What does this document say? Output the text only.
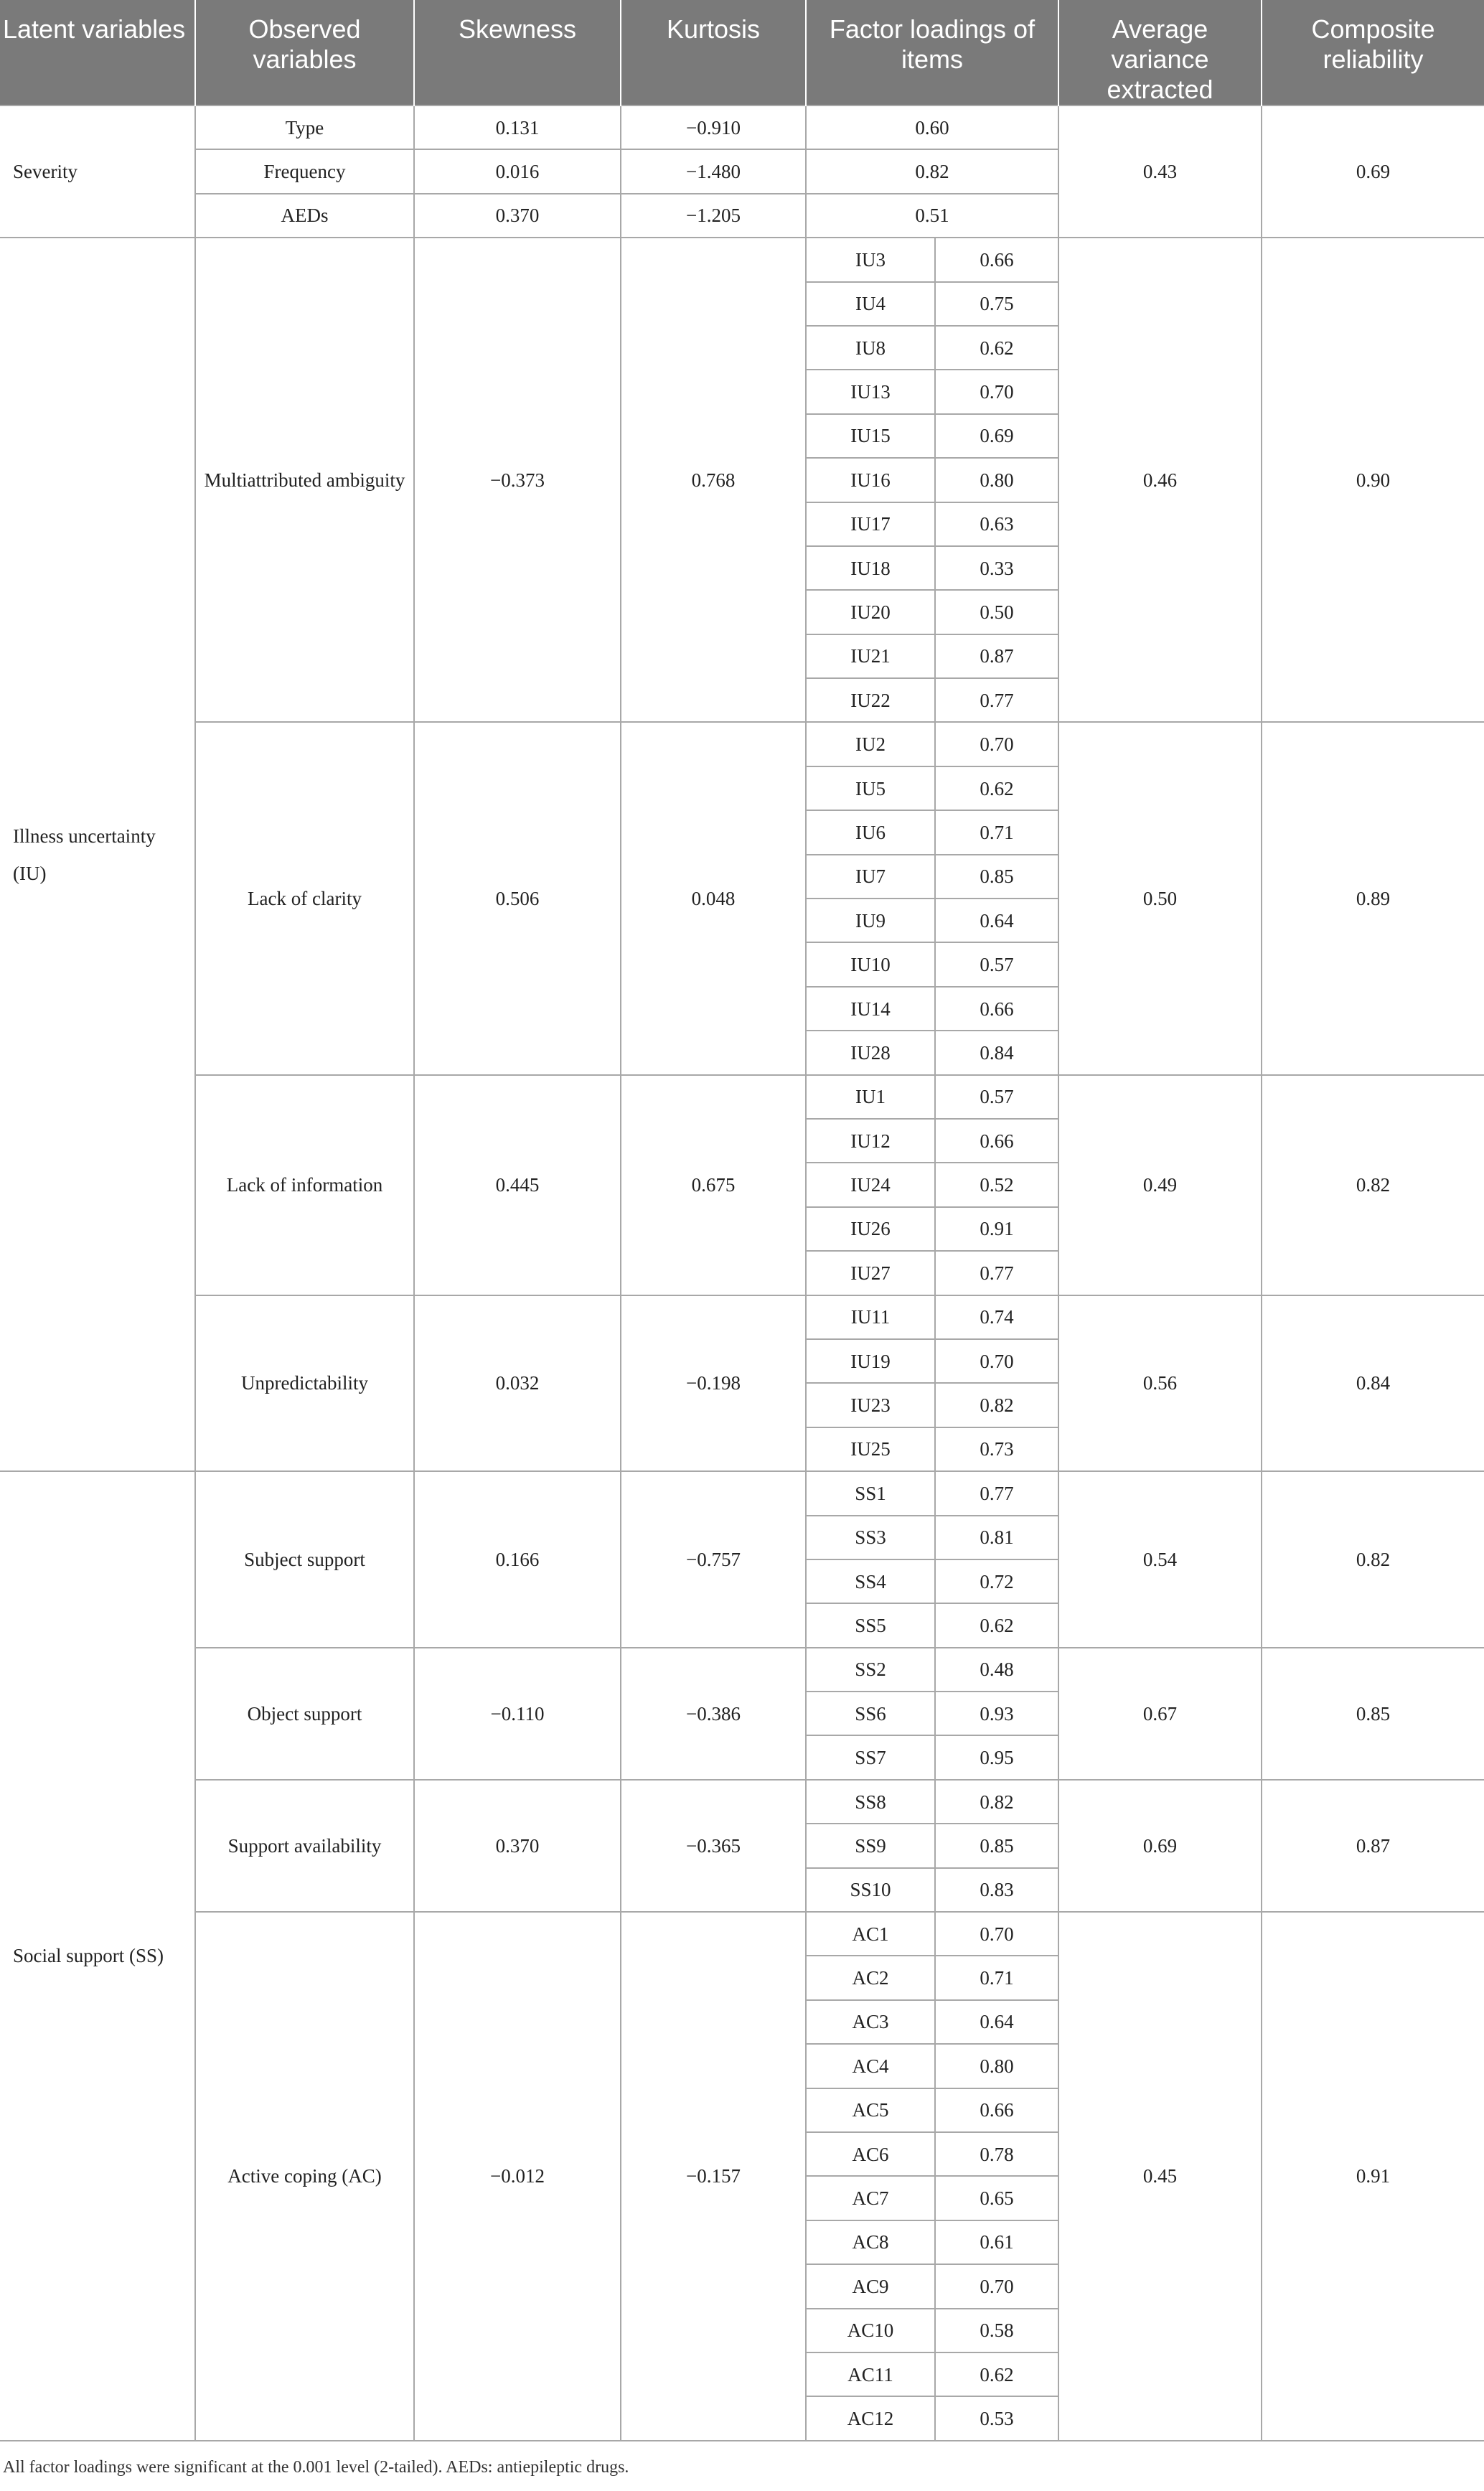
Latent variables	Observed variables	Skewness	Kurtosis	Factor loadings of items		Average variance extracted	Composite reliability
Severity	Type	0.131	−0.910	0.60		0.43	0.69
	Frequency	0.016	−1.480	0.82			
	AEDs	0.370	−1.205	0.51			
Illness uncertainty (IU)	Multiattributed ambiguity	−0.373	0.768	IU3	0.66	0.46	0.90
				IU4	0.75		
				IU8	0.62		
				IU13	0.70		
				IU15	0.69		
				IU16	0.80		
				IU17	0.63		
				IU18	0.33		
				IU20	0.50		
				IU21	0.87		
				IU22	0.77		
	Lack of clarity	0.506	0.048	IU2	0.70	0.50	0.89
				IU5	0.62		
				IU6	0.71		
				IU7	0.85		
				IU9	0.64		
				IU10	0.57		
				IU14	0.66		
				IU28	0.84		
	Lack of information	0.445	0.675	IU1	0.57	0.49	0.82
				IU12	0.66		
				IU24	0.52		
				IU26	0.91		
				IU27	0.77		
	Unpredictability	0.032	−0.198	IU11	0.74	0.56	0.84
				IU19	0.70		
				IU23	0.82		
				IU25	0.73		
Social support (SS)	Subject support	0.166	−0.757	SS1	0.77	0.54	0.82
				SS3	0.81		
				SS4	0.72		
				SS5	0.62		
	Object support	−0.110	−0.386	SS2	0.48	0.67	0.85
				SS6	0.93		
				SS7	0.95		
	Support availability	0.370	−0.365	SS8	0.82	0.69	0.87
				SS9	0.85		
				SS10	0.83		
	Active coping (AC)	−0.012	−0.157	AC1	0.70	0.45	0.91
				AC2	0.71		
				AC3	0.64		
				AC4	0.80		
				AC5	0.66		
				AC6	0.78		
				AC7	0.65		
				AC8	0.61		
				AC9	0.70		
				AC10	0.58		
				AC11	0.62		
				AC12	0.53		

All factor loadings were significant at the 0.001 level (2-tailed). AEDs: antiepileptic drugs.
